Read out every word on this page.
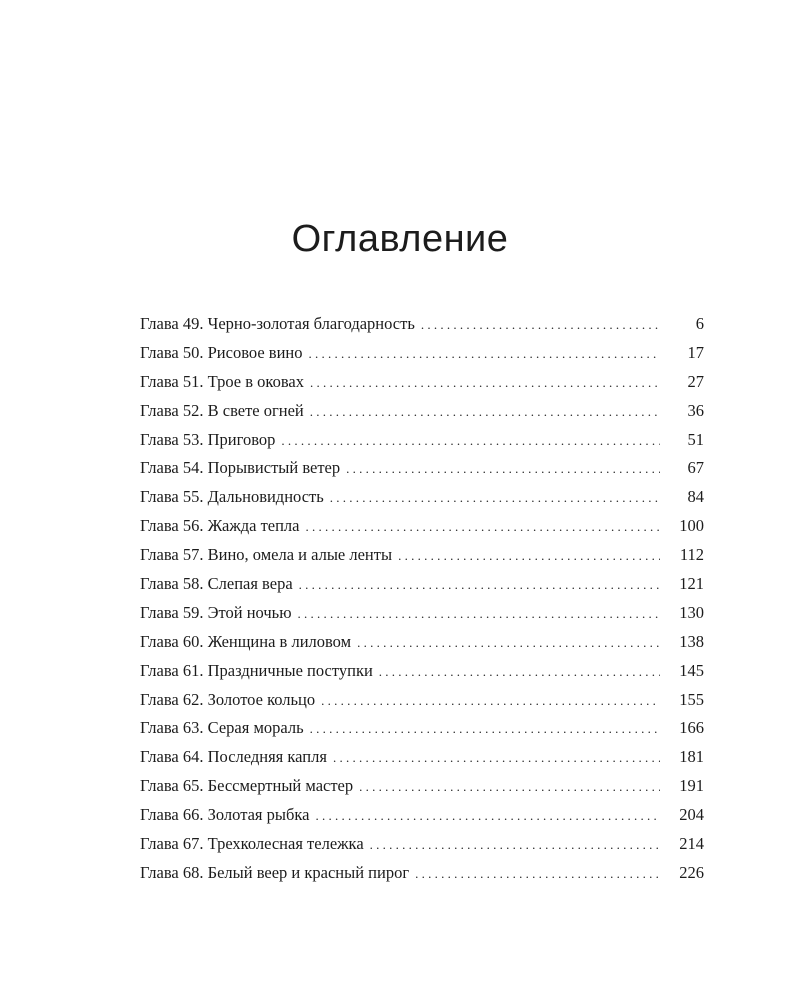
Оглавление
Глава 49. Черно-золотая благодарность . . .	6
Глава 50. Рисовое вино . . .	17
Глава 51. Трое в оковах . . .	27
Глава 52. В свете огней . . .	36
Глава 53. Приговор . . .	51
Глава 54. Порывистый ветер . . .	67
Глава 55. Дальновидность . . .	84
Глава 56. Жажда тепла . . .	100
Глава 57. Вино, омела и алые ленты . . .	112
Глава 58. Слепая вера . . .	121
Глава 59. Этой ночью . . .	130
Глава 60. Женщина в лиловом . . .	138
Глава 61. Праздничные поступки . . .	145
Глава 62. Золотое кольцо . . .	155
Глава 63. Серая мораль . . .	166
Глава 64. Последняя капля . . .	181
Глава 65. Бессмертный мастер . . .	191
Глава 66. Золотая рыбка . . .	204
Глава 67. Трехколесная тележка . . .	214
Глава 68. Белый веер и красный пирог . . .	226
